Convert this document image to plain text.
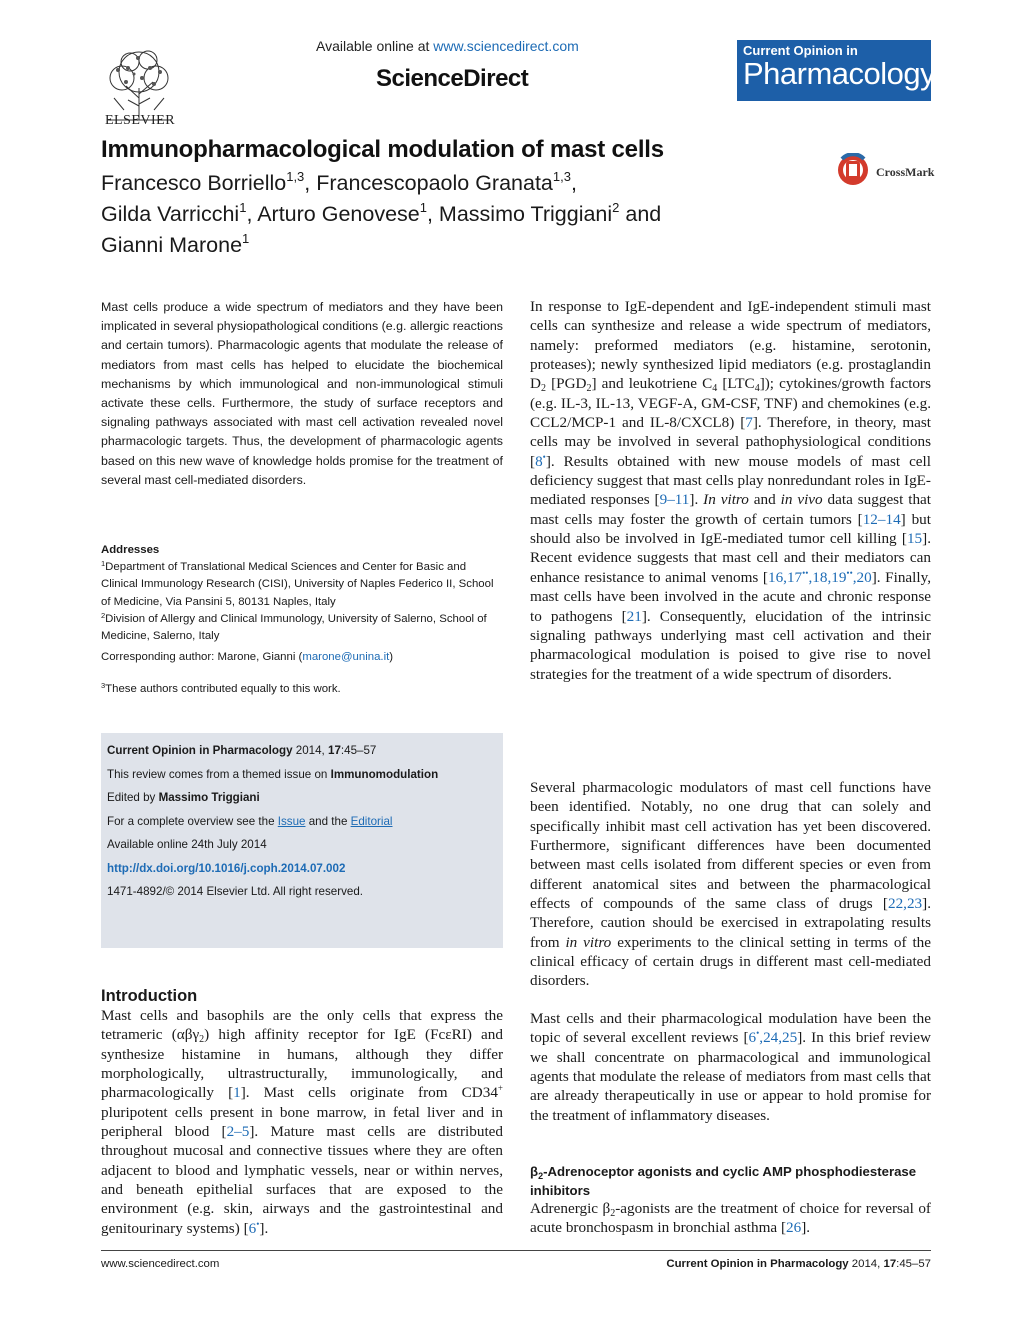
ELSEVIER
Available online at www.sciencedirect.com
ScienceDirect
Current Opinion in
Pharmacology
Immunopharmacological modulation of mast cells
CrossMark
Francesco Borriello$^{1,3}$, Francescopaolo Granata$^{1,3}$,
Gilda Varricchi$^1$, Arturo Genovese$^1$, Massimo Triggiani$^2$ and
Gianni Marone$^1$
Mast cells produce a wide spectrum of mediators and they have been implicated in several physiopathological conditions (e.g. allergic reactions and certain tumors). Pharmacologic agents that modulate the release of mediators from mast cells has helped to elucidate the biochemical mechanisms by which immunological and non-immunological stimuli activate these cells. Furthermore, the study of surface receptors and signaling pathways associated with mast cell activation revealed novel pharmacologic targets. Thus, the development of pharmacologic agents based on this new wave of knowledge holds promise for the treatment of several mast cell-mediated disorders.
Addresses
$^1$Department of Translational Medical Sciences and Center for Basic and Clinical Immunology Research (CISI), University of Naples Federico II, School of Medicine, Via Pansini 5, 80131 Naples, Italy
$^2$Division of Allergy and Clinical Immunology, University of Salerno, School of Medicine, Salerno, Italy
Corresponding author: Marone, Gianni (marone@unina.it)
$^3$These authors contributed equally to this work.
Current Opinion in Pharmacology 2014, 17:45–57
This review comes from a themed issue on Immunomodulation
Edited by Massimo Triggiani
For a complete overview see the Issue and the Editorial
Available online 24th July 2014
http://dx.doi.org/10.1016/j.coph.2014.07.002
1471-4892/© 2014 Elsevier Ltd. All right reserved.
Introduction
Mast cells and basophils are the only cells that express the tetrameric (αβγ$_2$) high affinity receptor for IgE (FcεRI) and synthesize histamine in humans, although they differ morphologically, ultrastructurally, immunologically, and pharmacologically [1]. Mast cells originate from CD34+ pluripotent cells present in bone marrow, in fetal liver and in peripheral blood [2–5]. Mature mast cells are distributed throughout mucosal and connective tissues where they are often adjacent to blood and lymphatic vessels, near or within nerves, and beneath epithelial surfaces that are exposed to the environment (e.g. skin, airways and the gastrointestinal and genitourinary systems) [6•].
In response to IgE-dependent and IgE-independent stimuli mast cells can synthesize and release a wide spectrum of mediators, namely: preformed mediators (e.g. histamine, serotonin, proteases); newly synthesized lipid mediators (e.g. prostaglandin $D_2$ $[PGD_2]$ and leukotriene $C_4$ $[LTC_4]$); cytokines/growth factors (e.g. IL-3, IL-13, VEGF-A, GM-CSF, TNF) and chemokines (e.g. CCL2/MCP-1 and IL-8/CXCL8) [7]. Therefore, in theory, mast cells may be involved in several pathophysiological conditions [8•]. Results obtained with new mouse models of mast cell deficiency suggest that mast cells play nonredundant roles in IgE-mediated responses [9–11]. In vitro and in vivo data suggest that mast cells may foster the growth of certain tumors [12–14] but should also be involved in IgE-mediated tumor cell killing [15]. Recent evidence suggests that mast cell and their mediators can enhance resistance to animal venoms [16,17••,18,19••,20]. Finally, mast cells have been involved in the acute and chronic response to pathogens [21]. Consequently, elucidation of the intrinsic signaling pathways underlying mast cell activation and their pharmacological modulation is poised to give rise to novel strategies for the treatment of a wide spectrum of disorders.
Several pharmacologic modulators of mast cell functions have been identified. Notably, no one drug that can solely and specifically inhibit mast cell activation has yet been discovered. Furthermore, significant differences have been documented between mast cells isolated from different species or even from different anatomical sites and between the pharmacological effects of compounds of the same class of drugs [22,23]. Therefore, caution should be exercised in extrapolating results from in vitro experiments to the clinical setting in terms of the clinical efficacy of certain drugs in different mast cell-mediated disorders.
Mast cells and their pharmacological modulation have been the topic of several excellent reviews [6•,24,25]. In this brief review we shall concentrate on pharmacological and immunological agents that modulate the release of mediators from mast cells that are already therapeutically in use or appear to hold promise for the treatment of inflammatory diseases.
$\beta_2$-Adrenoceptor agonists and cyclic AMP phosphodiesterase inhibitors
Adrenergic $\beta_2$-agonists are the treatment of choice for reversal of acute bronchospasm in bronchial asthma [26].
www.sciencedirect.com	Current Opinion in Pharmacology 2014, 17:45–57
